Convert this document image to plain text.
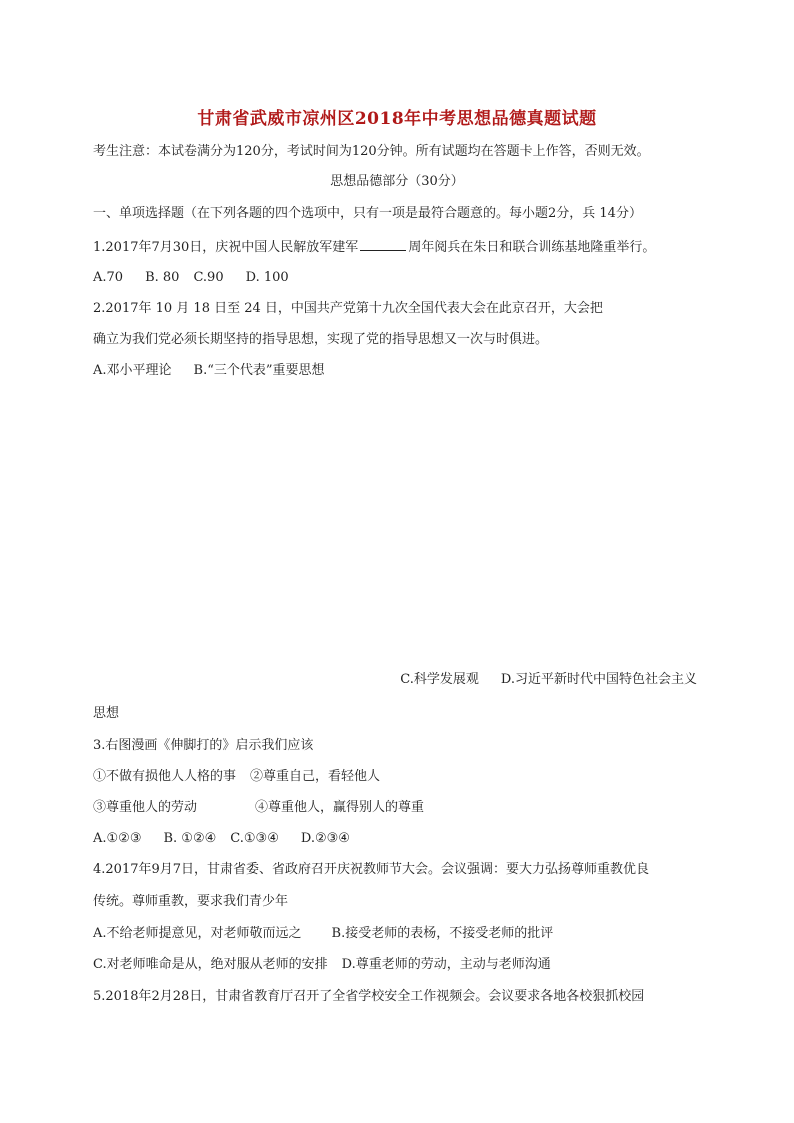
甘肃省武威市凉州区2018年中考思想品德真题试题
考生注意：本试卷满分为120分，考试时间为120分钟。所有试题均在答题卡上作答，否则无效。
思想品德部分（30分）
一、单项选择题（在下列各题的四个选项中，只有一项是最符合题意的。每小题2分，兵 14分）
1.2017年7月30日，庆祝中国人民解放军建军	周年阅兵在朱日和联合训练基地隆重举行。
A.70 B. 80 C.90 D. 100
2.2017年 10 月 18 日至 24 日，中国共产党第十九次全国代表大会在此京召开，大会把
确立为我们党必须长期坚持的指导思想，实现了党的指导思想又一次与时俱进。
A.邓小平理论 B.“三个代表”重要思想
C.科学发展观 D.习近平新时代中国特色社会主义
思想
3.右图漫画《伸脚打的》启示我们应该
①不做有损他人人格的事 ②尊重自己，看轻他人
③尊重他人的劳动	④尊重他人，赢得别人的尊重
A.①②③ B. ①②④ C.①③④ D.②③④
4.2017年9月7日，甘肃省委、省政府召开庆祝教师节大会。会议强调：要大力弘扬尊师重教优良
传统。尊师重教，要求我们青少年
A.不给老师提意见，对老师敬而远之 B.接受老师的表杨，不接受老师的批评
C.对老师唯命是从，绝对服从老师的安排 D.尊重老师的劳动，主动与老师沟通
5.2018年2月28日，甘肃省教育厅召开了全省学校安全工作视频会。会议要求各地各校狠抓校园
